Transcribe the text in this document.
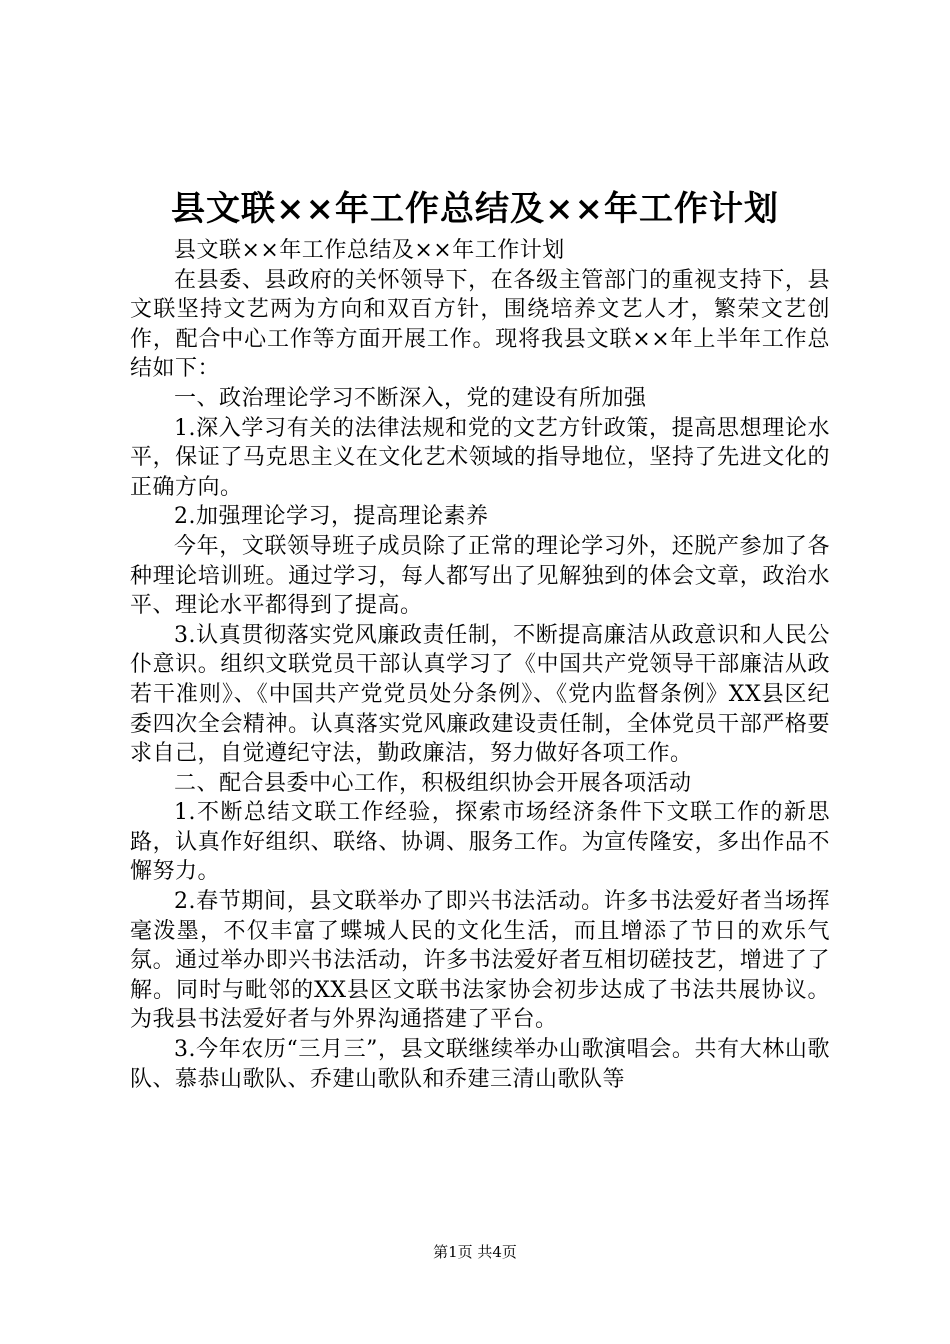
县文联××年工作总结及××年工作计划

县文联××年工作总结及××年工作计划

在县委、县政府的关怀领导下，在各级主管部门的重视支持下，县文联坚持文艺两为方向和双百方针，围绕培养文艺人才，繁荣文艺创作，配合中心工作等方面开展工作。现将我县文联××年上半年工作总结如下：

一、政治理论学习不断深入，党的建设有所加强

1.深入学习有关的法律法规和党的文艺方针政策，提高思想理论水平，保证了马克思主义在文化艺术领域的指导地位，坚持了先进文化的正确方向。

2.加强理论学习，提高理论素养

今年，文联领导班子成员除了正常的理论学习外，还脱产参加了各种理论培训班。通过学习，每人都写出了见解独到的体会文章，政治水平、理论水平都得到了提高。

3.认真贯彻落实党风廉政责任制，不断提高廉洁从政意识和人民公仆意识。组织文联党员干部认真学习了《中国共产党领导干部廉洁从政若干准则》、《中国共产党党员处分条例》、《党内监督条例》XX县区纪委四次全会精神。认真落实党风廉政建设责任制，全体党员干部严格要求自己，自觉遵纪守法，勤政廉洁，努力做好各项工作。

二、配合县委中心工作，积极组织协会开展各项活动

1.不断总结文联工作经验，探索市场经济条件下文联工作的新思路，认真作好组织、联络、协调、服务工作。为宣传隆安，多出作品不懈努力。

2.春节期间，县文联举办了即兴书法活动。许多书法爱好者当场挥毫泼墨，不仅丰富了蝶城人民的文化生活，而且增添了节日的欢乐气氛。通过举办即兴书法活动，许多书法爱好者互相切磋技艺，增进了了解。同时与毗邻的XX县区文联书法家协会初步达成了书法共展协议。为我县书法爱好者与外界沟通搭建了平台。

3.今年农历“三月三”，县文联继续举办山歌演唱会。共有大林山歌队、慕恭山歌队、乔建山歌队和乔建三清山歌队等

第1页 共4页
